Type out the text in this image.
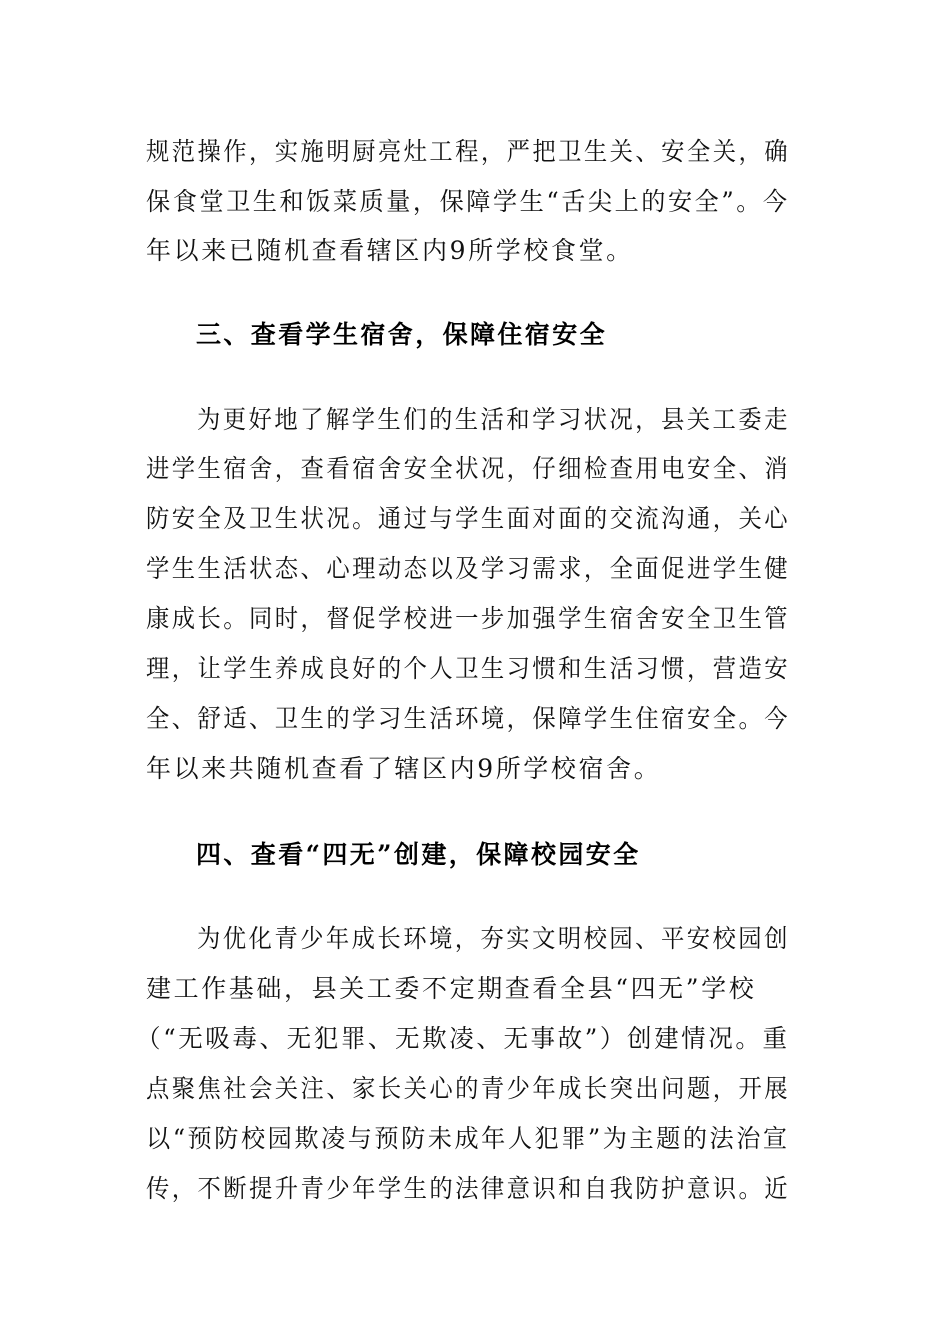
规范操作，实施明厨亮灶工程，严把卫生关、安全关，确
保食堂卫生和饭菜质量，保障学生“舌尖上的安全”。今
年以来已随机查看辖区内9所学校食堂。
三、查看学生宿舍，保障住宿安全
为更好地了解学生们的生活和学习状况，县关工委走
进学生宿舍，查看宿舍安全状况，仔细检查用电安全、消
防安全及卫生状况。通过与学生面对面的交流沟通，关心
学生生活状态、心理动态以及学习需求，全面促进学生健
康成长。同时，督促学校进一步加强学生宿舍安全卫生管
理，让学生养成良好的个人卫生习惯和生活习惯，营造安
全、舒适、卫生的学习生活环境，保障学生住宿安全。今
年以来共随机查看了辖区内9所学校宿舍。
四、查看“四无”创建，保障校园安全
为优化青少年成长环境，夯实文明校园、平安校园创
建工作基础，县关工委不定期查看全县“四无”学校
（“无吸毒、无犯罪、无欺凌、无事故”）创建情况。重
点聚焦社会关注、家长关心的青少年成长突出问题，开展
以“预防校园欺凌与预防未成年人犯罪”为主题的法治宣
传，不断提升青少年学生的法律意识和自我防护意识。近
